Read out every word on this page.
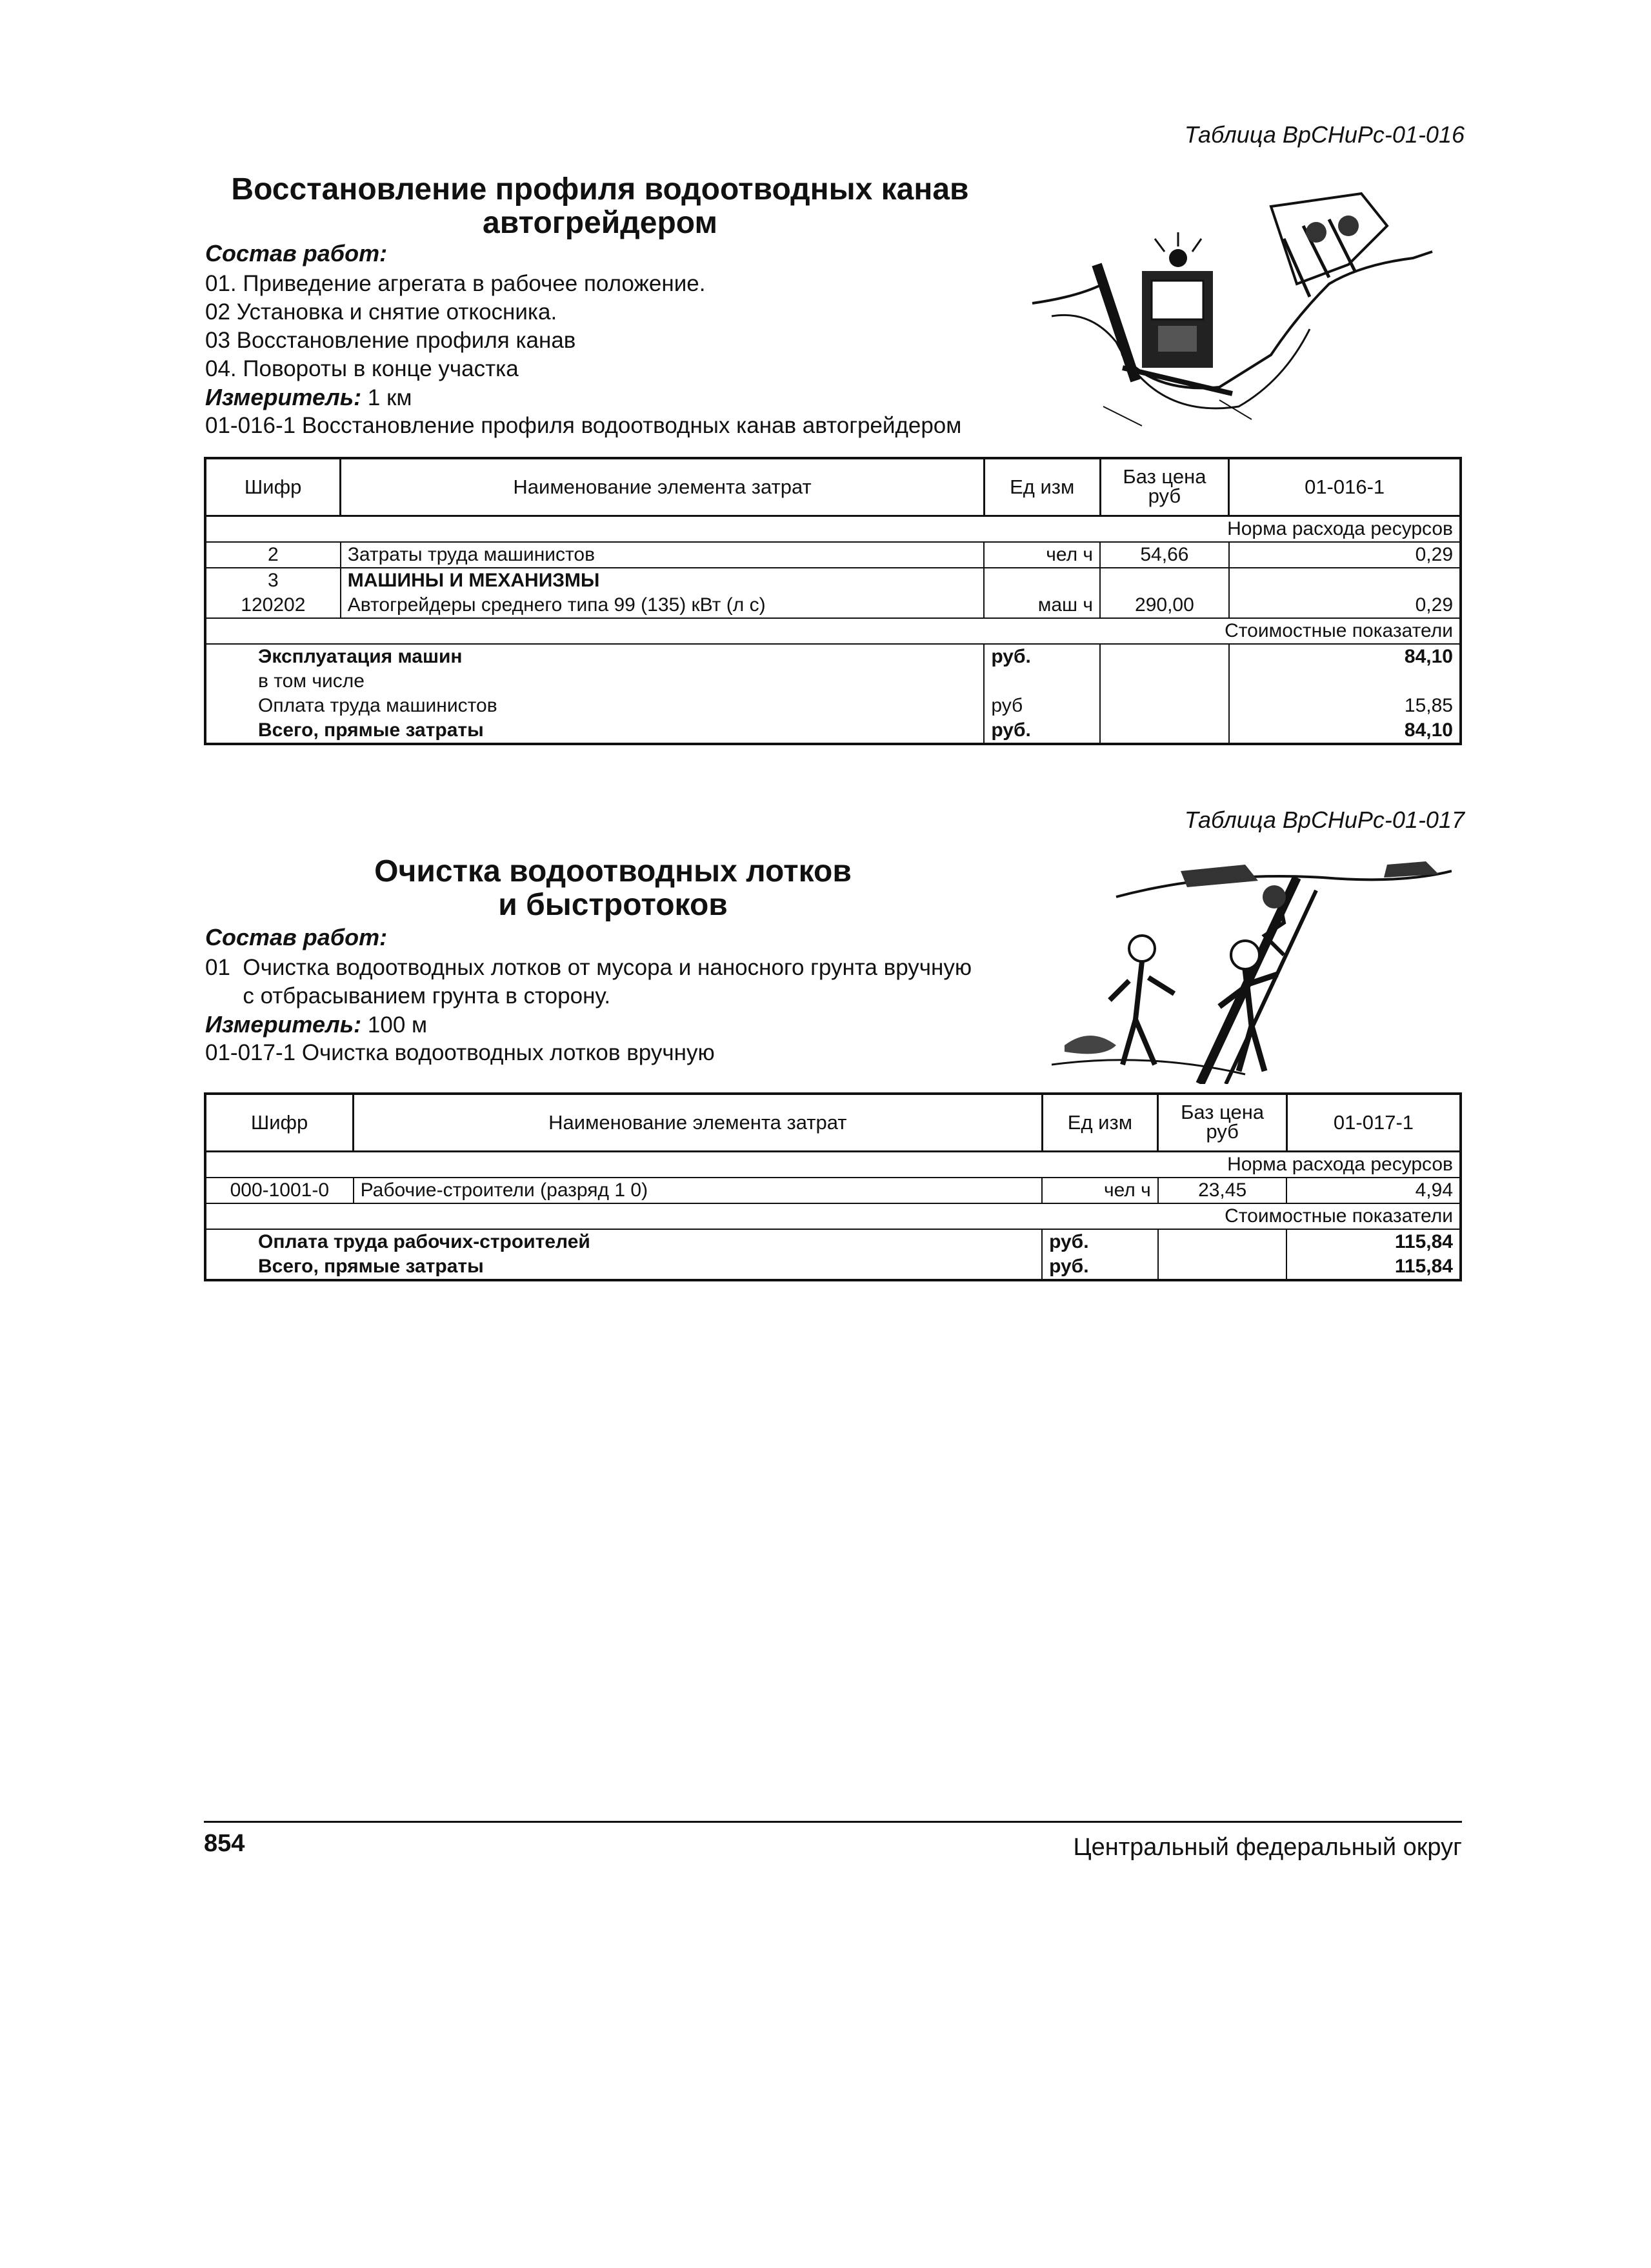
Таблица ВрСНиРс-01-016
Восстановление профиля водоотводных канав
автогрейдером
Состав работ:
01. Приведение агрегата в рабочее положение.
02 Установка и снятие откосника.
03 Восстановление профиля канав
04. Повороты в конце участка
Измеритель: 1 км
01-016-1 Восстановление профиля водоотводных канав автогрейдером
Шифр	Наименование элемента затрат	Ед изм	Баз цена руб	01-016-1
Норма расхода ресурсов				
2	Затраты труда машинистов	чел ч	54,66	0,29
3	МАШИНЫ И МЕХАНИЗМЫ			
120202	Автогрейдеры среднего типа 99 (135) кВт (л с)	маш ч	290,00	0,29
Стоимостные показатели				
Эксплуатация машин		руб.		84,10
в том числе				
Оплата труда машинистов		руб		15,85
Всего, прямые затраты		руб.		84,10
Таблица ВрСНиРс-01-017
Очистка водоотводных лотков
и быстротоков
Состав работ:
01  Очистка водоотводных лотков от мусора и наносного грунта вручную
с отбрасыванием грунта в сторону.
Измеритель: 100 м
01-017-1 Очистка водоотводных лотков вручную
Шифр	Наименование элемента затрат	Ед изм	Баз цена руб	01-017-1
Норма расхода ресурсов				
000-1001-0	Рабочие-строители (разряд 1 0)	чел ч	23,45	4,94
Стоимостные показатели				
Оплата труда рабочих-строителей		руб.		115,84
Всего, прямые затраты		руб.		115,84
854	Центральный федеральный округ
